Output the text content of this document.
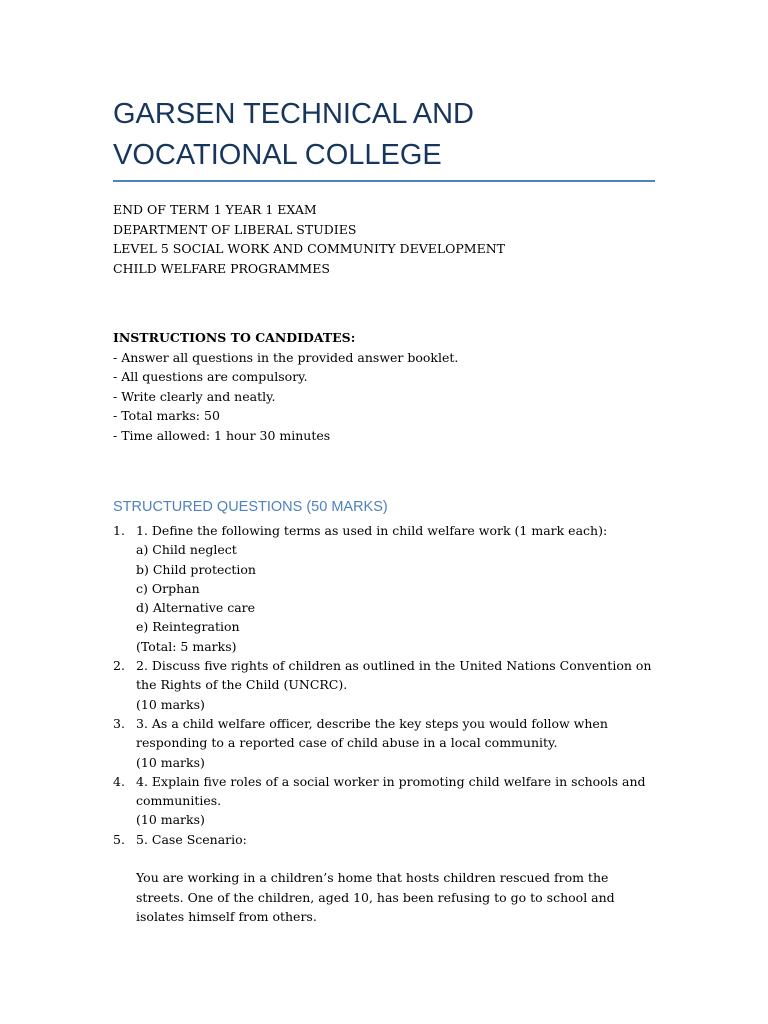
GARSEN TECHNICAL AND VOCATIONAL COLLEGE
END OF TERM 1 YEAR 1 EXAM
DEPARTMENT OF LIBERAL STUDIES
LEVEL 5 SOCIAL WORK AND COMMUNITY DEVELOPMENT
CHILD WELFARE PROGRAMMES
INSTRUCTIONS TO CANDIDATES:
- Answer all questions in the provided answer booklet.
- All questions are compulsory.
- Write clearly and neatly.
- Total marks: 50
- Time allowed: 1 hour 30 minutes
STRUCTURED QUESTIONS (50 MARKS)
1. 1. Define the following terms as used in child welfare work (1 mark each):
a) Child neglect
b) Child protection
c) Orphan
d) Alternative care
e) Reintegration
(Total: 5 marks)
2. 2. Discuss five rights of children as outlined in the United Nations Convention on the Rights of the Child (UNCRC).
(10 marks)
3. 3. As a child welfare officer, describe the key steps you would follow when responding to a reported case of child abuse in a local community.
(10 marks)
4. 4. Explain five roles of a social worker in promoting child welfare in schools and communities.
(10 marks)
5. 5. Case Scenario:
You are working in a children’s home that hosts children rescued from the streets. One of the children, aged 10, has been refusing to go to school and isolates himself from others.
